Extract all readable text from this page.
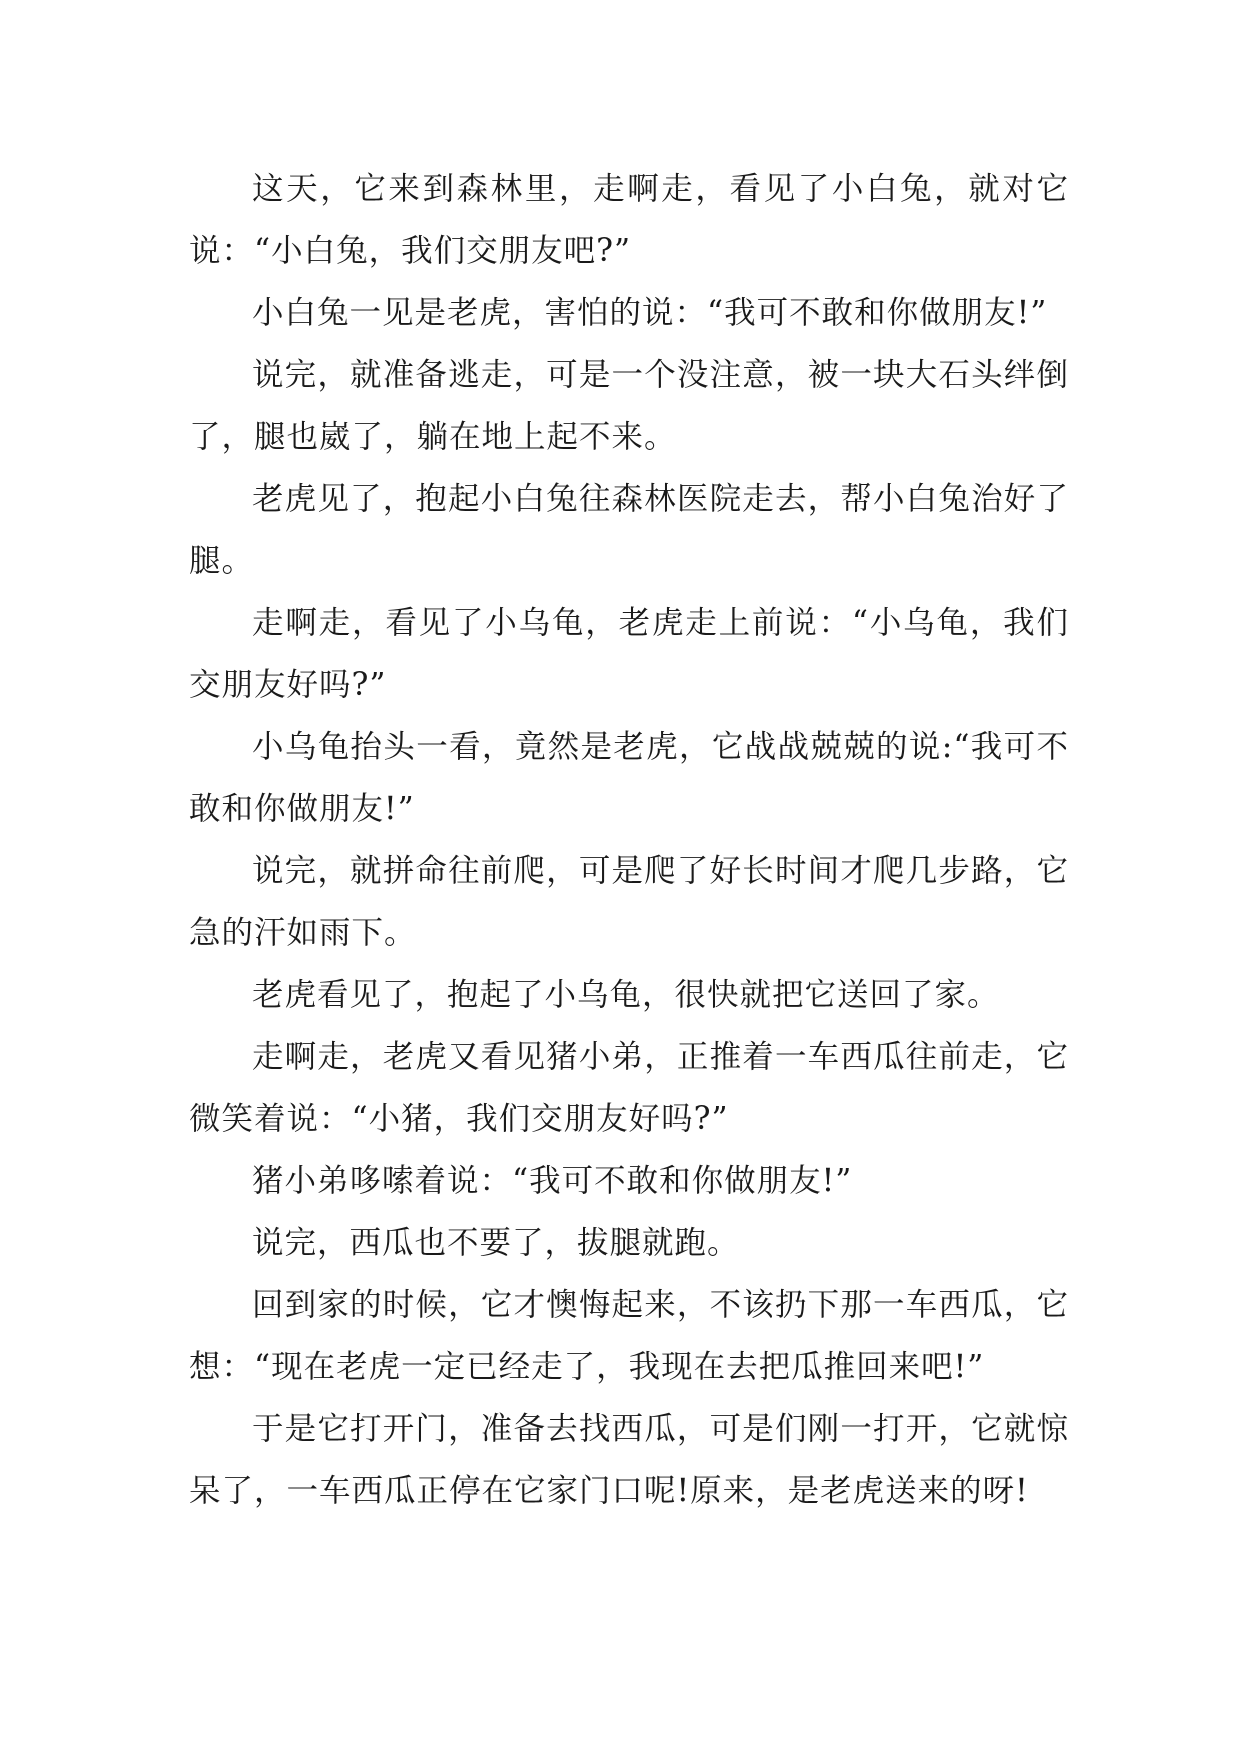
这天，它来到森林里，走啊走，看见了小白兔，就对它说：“小白兔，我们交朋友吧?”

小白兔一见是老虎，害怕的说：“我可不敢和你做朋友!”

说完，就准备逃走，可是一个没注意，被一块大石头绊倒了，腿也崴了，躺在地上起不来。

老虎见了，抱起小白兔往森林医院走去，帮小白兔治好了腿。

走啊走，看见了小乌龟，老虎走上前说：“小乌龟，我们交朋友好吗?”

小乌龟抬头一看，竟然是老虎，它战战兢兢的说:“我可不敢和你做朋友!”

说完，就拼命往前爬，可是爬了好长时间才爬几步路，它急的汗如雨下。

老虎看见了，抱起了小乌龟，很快就把它送回了家。

走啊走，老虎又看见猪小弟，正推着一车西瓜往前走，它微笑着说：“小猪，我们交朋友好吗?”

猪小弟哆嗦着说：“我可不敢和你做朋友!”

说完，西瓜也不要了，拔腿就跑。

回到家的时候，它才懊悔起来，不该扔下那一车西瓜，它想：“现在老虎一定已经走了，我现在去把瓜推回来吧!”

于是它打开门，准备去找西瓜，可是们刚一打开，它就惊呆了，一车西瓜正停在它家门口呢!原来，是老虎送来的呀!
